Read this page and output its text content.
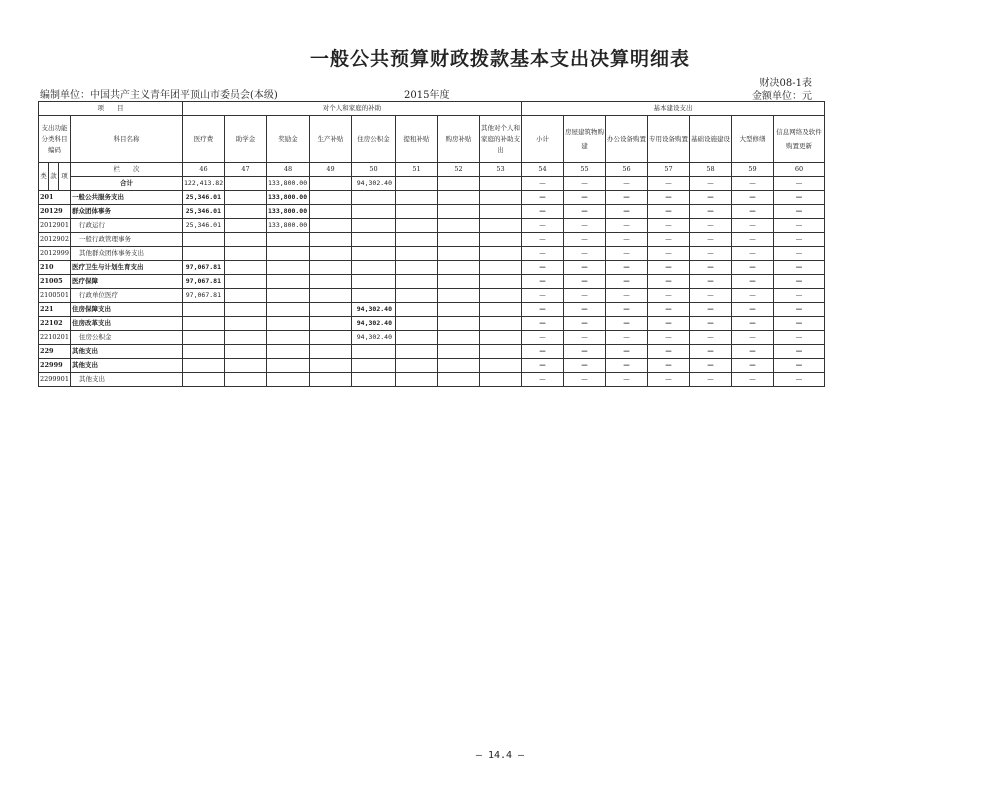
一般公共预算财政拨款基本支出决算明细表
财决08-1表
编制单位：中国共产主义青年团平顶山市委员会(本级)	2015年度	金额单位：元
项　　目				对个人和家庭的补助								基本建设支出						
支出功能分类科目编码			科目名称	医疗费	助学金	奖励金	生产补贴	住房公积金	提租补贴	购房补贴	其他对个人和家庭的补助支出	小计	房屋建筑物购建	办公设备购置	专用设备购置	基础设施建设	大型修缮	信息网络及软件购置更新
类	款	项	栏　　次	46	47	48	49	50	51	52	53	54	55	56	57	58	59	60
			合计	122,413.82		133,800.00		94,302.40				—	—	—	—	—	—	—
201			一般公共服务支出	25,346.01		133,800.00						—	—	—	—	—	—	—
20129			群众团体事务	25,346.01		133,800.00						—	—	—	—	—	—	—
2012901			行政运行	25,346.01		133,800.00						—	—	—	—	—	—	—
2012902			一般行政管理事务									—	—	—	—	—	—	—
2012999			其他群众团体事务支出									—	—	—	—	—	—	—
210			医疗卫生与计划生育支出	97,067.81								—	—	—	—	—	—	—
21005			医疗保障	97,067.81								—	—	—	—	—	—	—
2100501			行政单位医疗	97,067.81								—	—	—	—	—	—	—
221			住房保障支出					94,302.40				—	—	—	—	—	—	—
22102			住房改革支出					94,302.40				—	—	—	—	—	—	—
2210201			住房公积金					94,302.40				—	—	—	—	—	—	—
229			其他支出									—	—	—	—	—	—	—
22999			其他支出									—	—	—	—	—	—	—
2299901			其他支出									—	—	—	—	—	—	—
— 14.4 —
